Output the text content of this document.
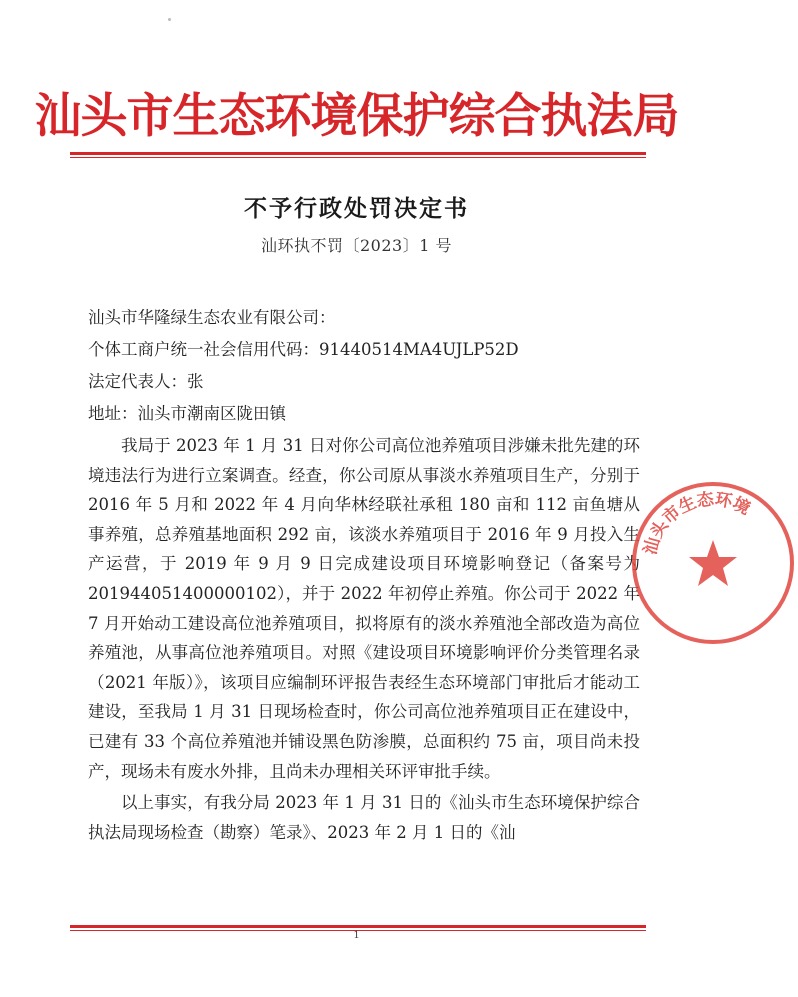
汕头市生态环境保护综合执法局
不予行政处罚决定书
汕环执不罚〔2023〕1 号
汕头市华隆绿生态农业有限公司：
个体工商户统一社会信用代码：91440514MA4UJLP52D
法定代表人：张
地址：汕头市潮南区陇田镇

我局于 2023 年 1 月 31 日对你公司高位池养殖项目涉嫌未批先建的环境违法行为进行立案调查。经查，你公司原从事淡水养殖项目生产，分别于 2016 年 5 月和 2022 年 4 月向华林经联社承租 180 亩和 112 亩鱼塘从事养殖，总养殖基地面积 292 亩，该淡水养殖项目于 2016 年 9 月投入生产运营，于 2019 年 9 月 9 日完成建设项目环境影响登记（备案号为 201944051400000102），并于 2022 年初停止养殖。你公司于 2022 年 7 月开始动工建设高位池养殖项目，拟将原有的淡水养殖池全部改造为高位养殖池，从事高位池养殖项目。对照《建设项目环境影响评价分类管理名录（2021 年版）》，该项目应编制环评报告表经生态环境部门审批后才能动工建设，至我局 1 月 31 日现场检查时，你公司高位池养殖项目正在建设中，已建有 33 个高位养殖池并铺设黑色防渗膜，总面积约 75 亩，项目尚未投产，现场未有废水外排，且尚未办理相关环评审批手续。

以上事实，有我分局 2023 年 1 月 31 日的《汕头市生态环境保护综合执法局现场检查（勘察）笔录》、2023 年 2 月 1 日的《汕

汕头市生态环境
1
